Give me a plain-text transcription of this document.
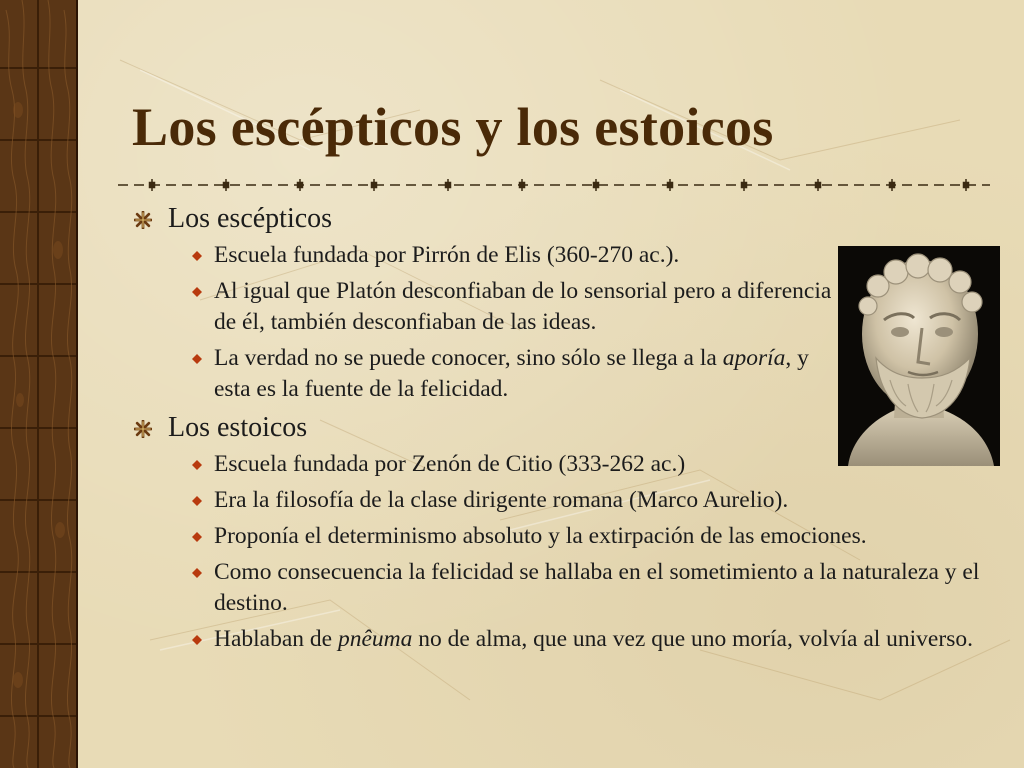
Los escépticos y los estoicos
Los escépticos
Escuela fundada por Pirrón de Elis (360-270 ac.).
Al igual que Platón desconfiaban de lo sensorial pero a diferencia de él, también desconfiaban de las ideas.
La verdad no se puede conocer, sino sólo se llega a la aporía, y esta es la fuente de la felicidad.
Los estoicos
Escuela fundada por Zenón de Citio (333-262 ac.)
Era la filosofía de la clase dirigente romana (Marco Aurelio).
Proponía el determinismo absoluto y la extirpación de las emociones.
Como consecuencia la felicidad se hallaba en el sometimiento a la naturaleza y el destino.
Hablaban de pnêuma no de alma, que una vez que uno moría, volvía al universo.
